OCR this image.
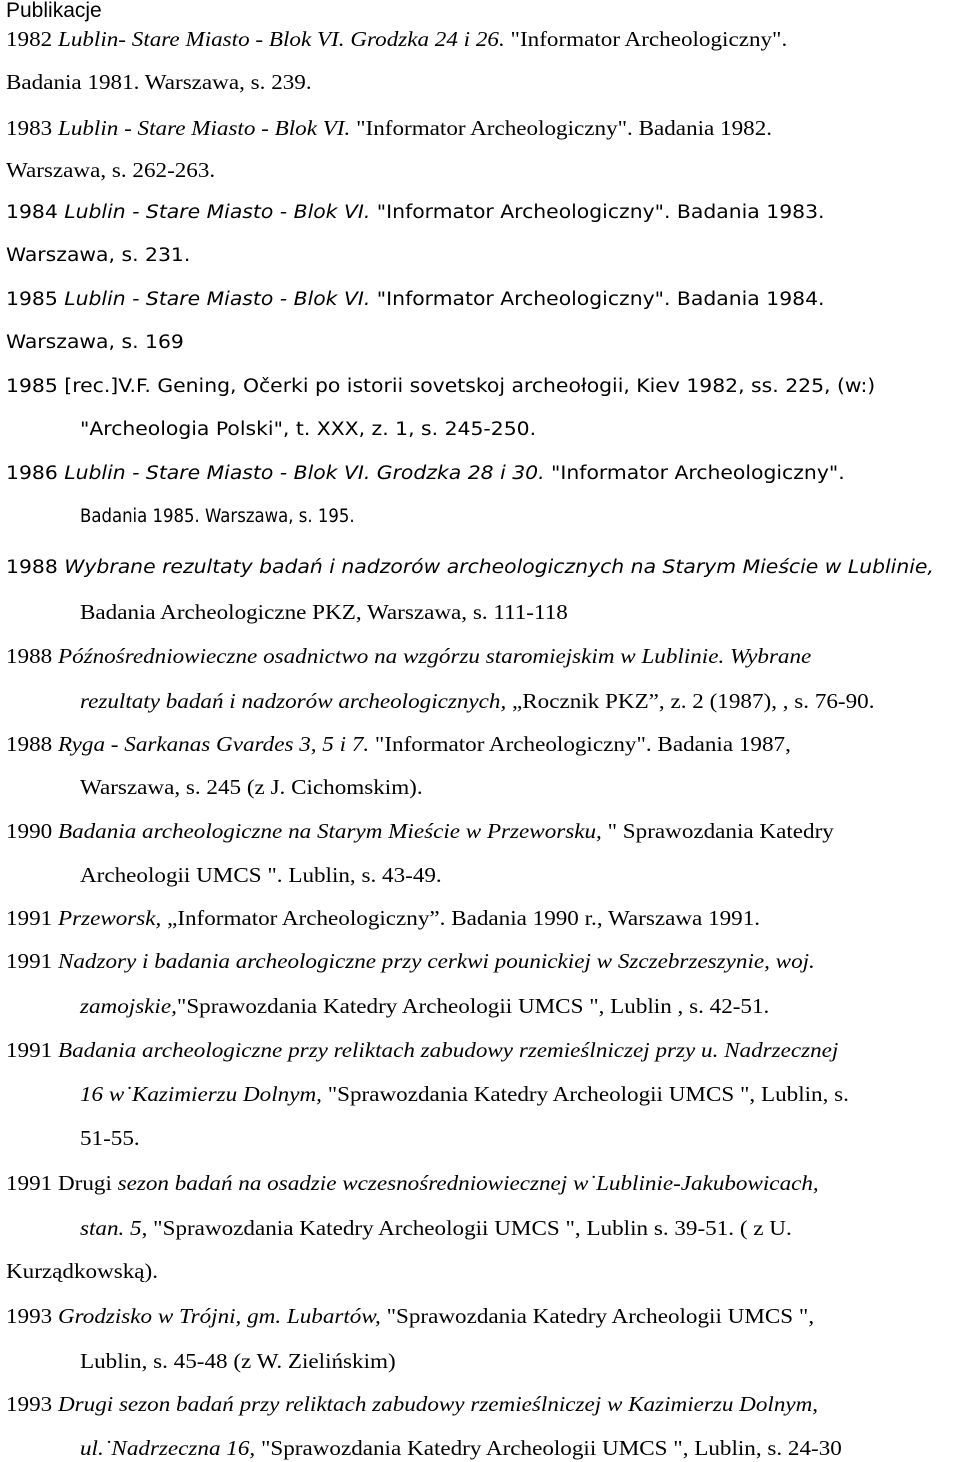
Publikacje
1982 Lublin- Stare Miasto - Blok VI. Grodzka 24 i 26. "Informator Archeologiczny".
Badania 1981. Warszawa, s. 239.
1983 Lublin - Stare Miasto - Blok VI. "Informator Archeologiczny". Badania 1982.
Warszawa, s. 262-263.
1984 Lublin - Stare Miasto - Blok VI. "Informator Archeologiczny". Badania 1983.
Warszawa, s. 231.
1985 Lublin - Stare Miasto - Blok VI. "Informator Archeologiczny". Badania 1984.
Warszawa, s. 169
1985 [rec.]V.F. Gening, Očerki po istorii sovetskoj archeołogii, Kiev 1982, ss. 225, (w:)
"Archeologia Polski", t. XXX, z. 1, s. 245-250.
1986 Lublin - Stare Miasto - Blok VI. Grodzka 28 i 30. "Informator Archeologiczny".
Badania 1985. Warszawa, s. 195.
1988 Wybrane rezultaty badań i nadzorów archeologicznych na Starym Mieście w Lublinie,
Badania Archeologiczne PKZ, Warszawa, s. 111-118
1988 Późnośredniowieczne osadnictwo na wzgórzu staromiejskim w Lublinie. Wybrane
rezultaty badań i nadzorów archeologicznych, „Rocznik PKZ”, z. 2 (1987), , s. 76-90.
1988 Ryga - Sarkanas Gvardes 3, 5 i 7. "Informator Archeologiczny". Badania 1987,
Warszawa, s. 245 (z J. Cichomskim).
1990 Badania archeologiczne na Starym Mieście w Przeworsku, " Sprawozdania Katedry
Archeologii UMCS ". Lublin, s. 43-49.
1991 Przeworsk, „Informator Archeologiczny”. Badania 1990 r., Warszawa 1991.
1991 Nadzory i badania archeologiczne przy cerkwi pounickiej w Szczebrzeszynie, woj.
zamojskie,"Sprawozdania Katedry Archeologii UMCS ", Lublin , s. 42-51.
1991 Badania archeologiczne przy reliktach zabudowy rzemieślniczej przy u. Nadrzecznej
16 w˙Kazimierzu Dolnym, "Sprawozdania Katedry Archeologii UMCS ", Lublin, s.
51-55.
1991 Drugi sezon badań na osadzie wczesnośredniowiecznej w˙Lublinie-Jakubowicach,
stan. 5, "Sprawozdania Katedry Archeologii UMCS ", Lublin s. 39-51. ( z U.
Kurządkowską).
1993 Grodzisko w Trójni, gm. Lubartów, "Sprawozdania Katedry Archeologii UMCS ",
Lublin, s. 45-48 (z W. Zielińskim)
1993 Drugi sezon badań przy reliktach zabudowy rzemieślniczej w Kazimierzu Dolnym,
ul.˙Nadrzeczna 16, "Sprawozdania Katedry Archeologii UMCS ", Lublin, s. 24-30
